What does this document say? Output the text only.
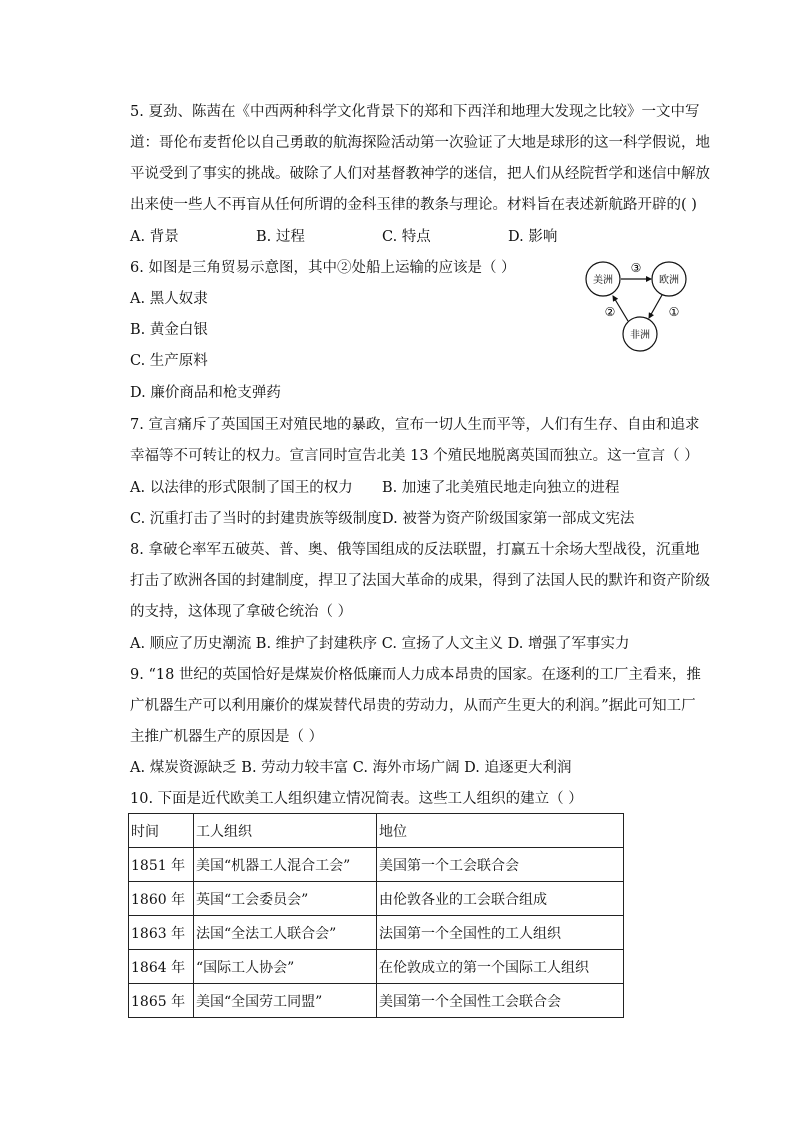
5. 夏劲、陈茜在《中西两种科学文化背景下的郑和下西洋和地理大发现之比较》一文中写
道：哥伦布麦哲伦以自己勇敢的航海探险活动第一次验证了大地是球形的这一科学假说，地
平说受到了事实的挑战。破除了人们对基督教神学的迷信，把人们从经院哲学和迷信中解放
出来使一些人不再盲从任何所谓的金科玉律的教条与理论。材料旨在表述新航路开辟的( )
A. 背景	B. 过程	C. 特点	D. 影响
6. 如图是三角贸易示意图，其中②处船上运输的应该是（ ）
A. 黑人奴隶
B. 黄金白银
C. 生产原料
D. 廉价商品和枪支弹药
美洲	欧洲
非洲
③
①
②
7. 宣言痛斥了英国国王对殖民地的暴政，宣布一切人生而平等，人们有生存、自由和追求
幸福等不可转让的权力。宣言同时宣告北美 13 个殖民地脱离英国而独立。这一宣言（ ）
A. 以法律的形式限制了国王的权力 B. 加速了北美殖民地走向独立的进程
C. 沉重打击了当时的封建贵族等级制度 D. 被誉为资产阶级国家第一部成文宪法
8. 拿破仑率军五破英、普、奥、俄等国组成的反法联盟，打赢五十余场大型战役，沉重地
打击了欧洲各国的封建制度，捍卫了法国大革命的成果，得到了法国人民的默许和资产阶级
的支持，这体现了拿破仑统治（ ）
A. 顺应了历史潮流 B. 维护了封建秩序 C. 宣扬了人文主义 D. 增强了军事实力
9. “18 世纪的英国恰好是煤炭价格低廉而人力成本昂贵的国家。在逐利的工厂主看来，推
广机器生产可以利用廉价的煤炭替代昂贵的劳动力，从而产生更大的利润。”据此可知工厂
主推广机器生产的原因是（ ）
A. 煤炭资源缺乏 B. 劳动力较丰富 C. 海外市场广阔 D. 追逐更大利润
10. 下面是近代欧美工人组织建立情况简表。这些工人组织的建立（ ）
时间	工人组织	地位
1851 年	美国“机器工人混合工会”	美国第一个工会联合会
1860 年	英国“工会委员会”	由伦敦各业的工会联合组成
1863 年	法国“全法工人联合会”	法国第一个全国性的工人组织
1864 年	“国际工人协会”	在伦敦成立的第一个国际工人组织
1865 年	美国“全国劳工同盟”	美国第一个全国性工会联合会
